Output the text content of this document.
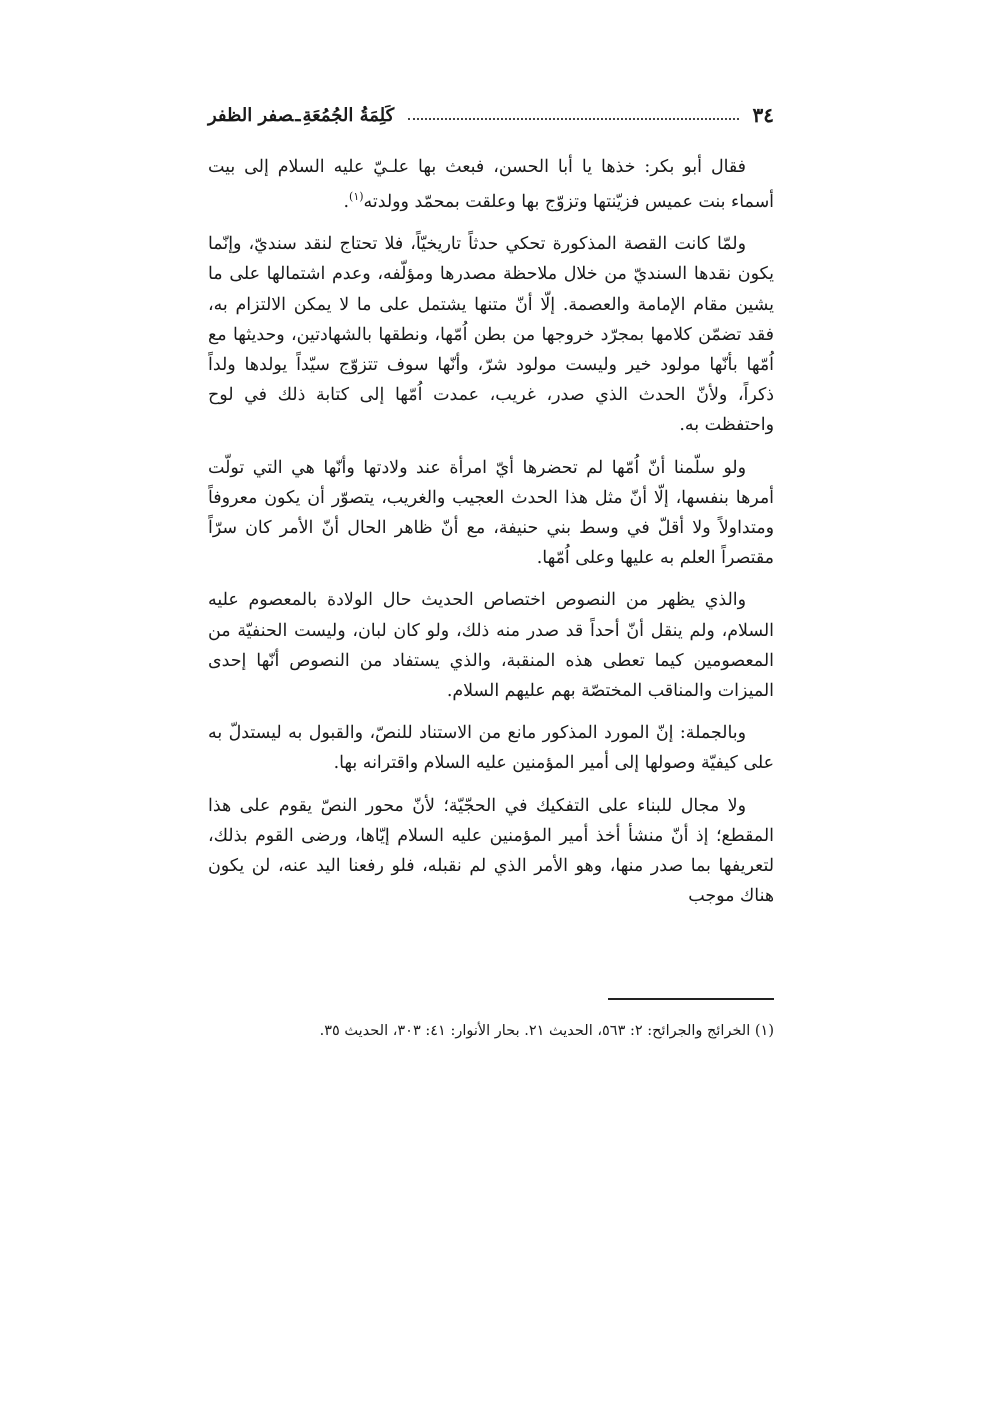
٣٤
كَلِمَةُ الجُمُعَةِـصفر الظفر

فقال أبو بكر: خذها يا أبا الحسن، فبعث بها علـيّ عليه السلام إلى بيت أسماء بنت عميس فزيّنتها وتزوّج بها وعلقت بمحمّد وولدته$^{(١)}$.

ولمّا كانت القصة المذكورة تحكي حدثاً تاريخيّاً، فلا تحتاج لنقد سنديّ، وإنّما يكون نقدها السنديّ من خلال ملاحظة مصدرها ومؤلّفه، وعدم اشتمالها على ما يشين مقام الإمامة والعصمة. إلّا أنّ متنها يشتمل على ما لا يمكن الالتزام به، فقد تضمّن كلامها بمجرّد خروجها من بطن اُمّها، ونطقها بالشهادتين، وحديثها مع اُمّها بأنّها مولود خير وليست مولود شرّ، وأنّها سوف تتزوّج سيّداً يولدها ولداً ذكراً، ولأنّ الحدث الذي صدر، غريب، عمدت اُمّها إلى كتابة ذلك في لوح واحتفظت به.

ولو سلّمنا أنّ اُمّها لم تحضرها أيّ امرأة عند ولادتها وأنّها هي التي تولّت أمرها بنفسها، إلّا أنّ مثل هذا الحدث العجيب والغريب، يتصوّر أن يكون معروفاً ومتداولاً ولا أقلّ في وسط بني حنيفة، مع أنّ ظاهر الحال أنّ الأمر كان سرّاً مقتصراً العلم به عليها وعلى اُمّها.

والذي يظهر من النصوص اختصاص الحديث حال الولادة بالمعصوم عليه السلام، ولم ينقل أنّ أحداً قد صدر منه ذلك، ولو كان لبان، وليست الحنفيّة من المعصومين كيما تعطى هذه المنقبة، والذي يستفاد من النصوص أنّها إحدى الميزات والمناقب المختصّة بهم عليهم السلام.

وبالجملة: إنّ المورد المذكور مانع من الاستناد للنصّ، والقبول به ليستدلّ به على كيفيّة وصولها إلى أمير المؤمنين عليه السلام واقترانه بها.

ولا مجال للبناء على التفكيك في الحجّيّة؛ لأنّ محور النصّ يقوم على هذا المقطع؛ إذ أنّ منشأ أخذ أمير المؤمنين عليه السلام إيّاها، ورضى القوم بذلك، لتعريفها بما صدر منها، وهو الأمر الذي لم نقبله، فلو رفعنا اليد عنه، لن يكون هناك موجب

(١) الخرائج والجرائح: ٢: ٥٦٣، الحديث ٢١. بحار الأنوار: ٤١: ٣٠٣، الحديث ٣٥.
